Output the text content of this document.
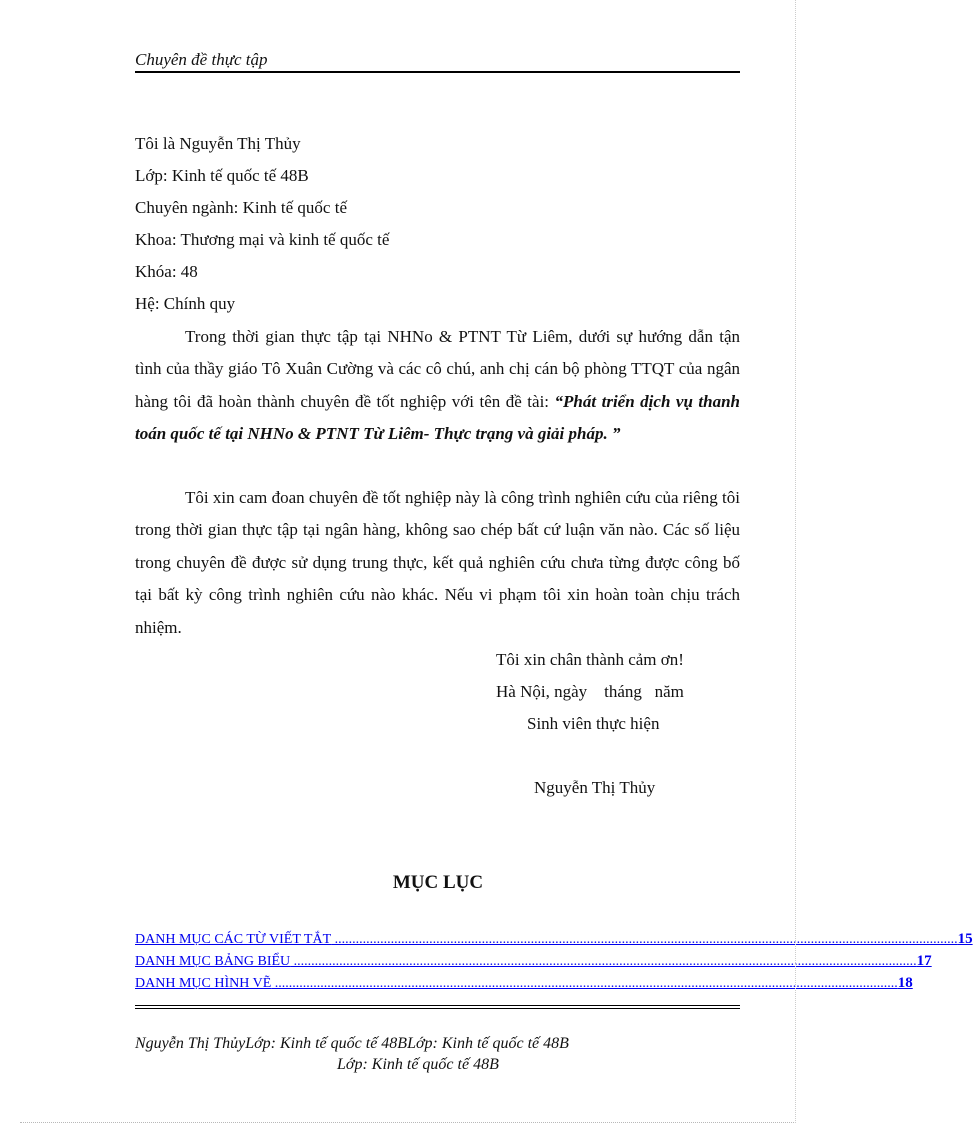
Chuyên đề thực tập
Tôi là Nguyễn Thị Thủy
Lớp: Kinh tế quốc tế 48B
Chuyên ngành: Kinh tế quốc tế
Khoa: Thương mại và kinh tế quốc tế
Khóa: 48
Hệ: Chính quy
Trong thời gian thực tập tại NHNo & PTNT Từ Liêm, dưới sự hướng dẫn tận tình của thầy giáo Tô Xuân Cường và các cô chú, anh chị cán bộ phòng TTQT của ngân hàng tôi đã hoàn thành chuyên đề tốt nghiệp với tên đề tài: “Phát triển dịch vụ thanh toán quốc tế tại NHNo & PTNT Từ Liêm- Thực trạng và giải pháp. ”
Tôi xin cam đoan chuyên đề tốt nghiệp này là công trình nghiên cứu của riêng tôi trong thời gian thực tập tại ngân hàng, không sao chép bất cứ luận văn nào. Các số liệu trong chuyên đề được sử dụng trung thực, kết quả nghiên cứu chưa từng được công bố tại bất kỳ công trình nghiên cứu nào khác. Nếu vi phạm tôi xin hoàn toàn chịu trách nhiệm.
Tôi xin chân thành cảm ơn!
Hà Nội, ngày    tháng   năm
Sinh viên thực hiện
Nguyễn Thị Thủy
MỤC LỤC
DANH MỤC CÁC TỪ VIẾT TẮT .................................................................................................................................................................................. 15
DANH MỤC BẢNG BIỂU .................................................................................................................................................................................. 17
DANH MỤC HÌNH VẼ .................................................................................................................................................................................. 18
Nguyễn Thị ThủyLớp: Kinh tế quốc tế 48BLớp: Kinh tế quốc tế 48B
Lớp: Kinh tế quốc tế 48B
